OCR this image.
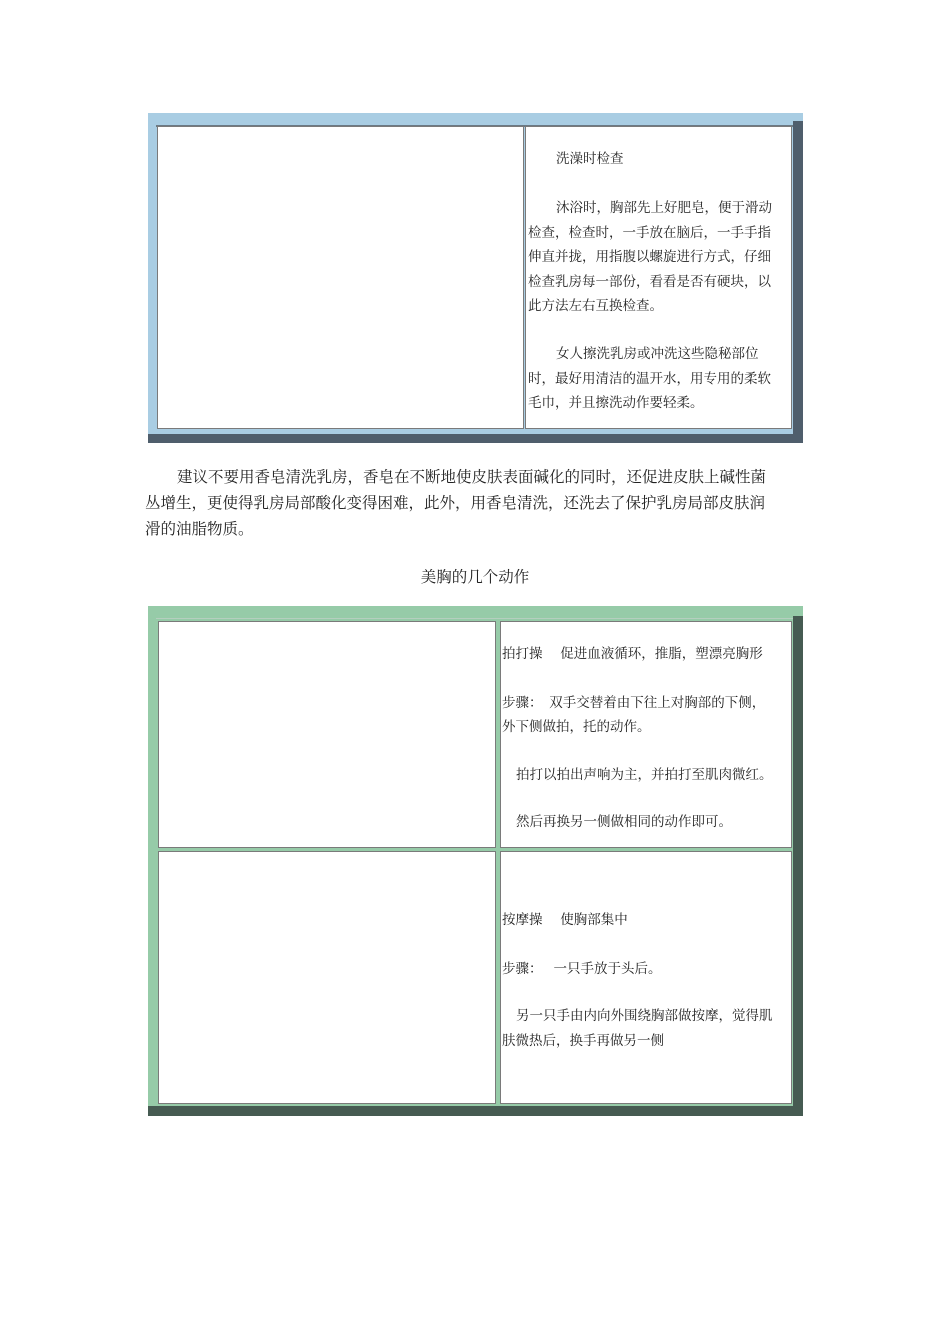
洗澡时检查
沐浴时，胸部先上好肥皂，便于滑动
检查，检查时，一手放在脑后，一手手指
伸直并拢，用指腹以螺旋进行方式，仔细
检查乳房每一部份，看看是否有硬块，以
此方法左右互换检查。
女人擦洗乳房或冲洗这些隐秘部位
时，最好用清洁的温开水，用专用的柔软
毛巾，并且擦洗动作要轻柔。
建议不要用香皂清洗乳房，香皂在不断地使皮肤表面碱化的同时，还促进皮肤上碱性菌
丛增生，更使得乳房局部酸化变得困难，此外，用香皂清洗，还洗去了保护乳房局部皮肤润
滑的油脂物质。
美胸的几个动作
拍打操　 促进血液循环，推脂，塑漂亮胸形
步骤：　双手交替着由下往上对胸部的下侧，
外下侧做拍，托的动作。
拍打以拍出声响为主，并拍打至肌肉微红。
然后再换另一侧做相同的动作即可。
按摩操　 使胸部集中
步骤：　 一只手放于头后。
另一只手由内向外围绕胸部做按摩，觉得肌
肤微热后，换手再做另一侧
